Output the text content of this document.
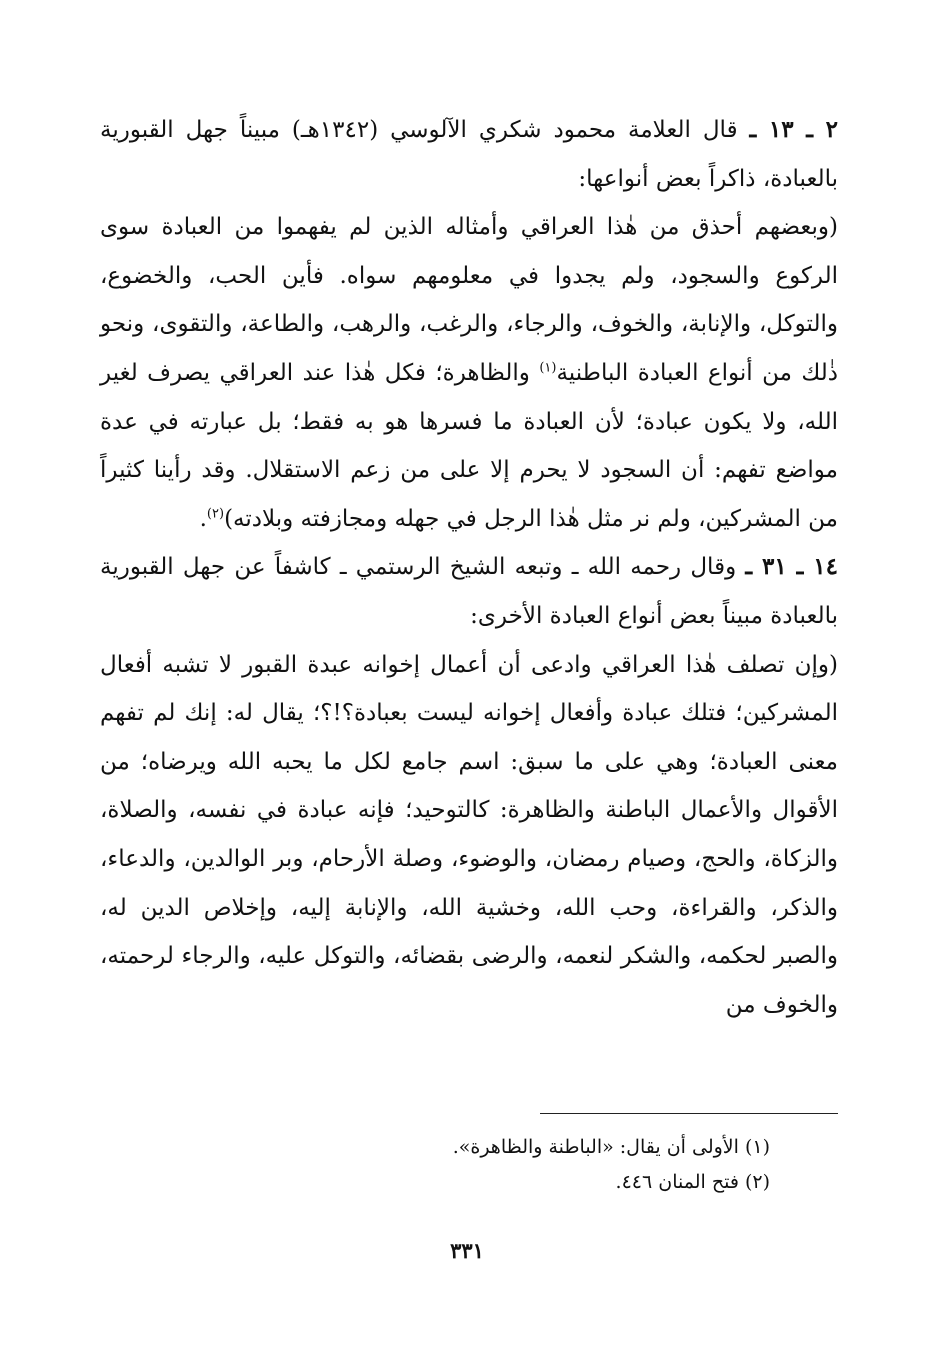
٢ ـ ١٣ ـ قال العلامة محمود شكري الآلوسي (١٣٤٢هـ) مبيناً جهل القبورية بالعبادة، ذاكراً بعض أنواعها:

(وبعضهم أحذق من هٰذا العراقي وأمثاله الذين لم يفهموا من العبادة سوى الركوع والسجود، ولم يجدوا في معلومهم سواه. فأين الحب، والخضوع، والتوكل، والإنابة، والخوف، والرجاء، والرغب، والرهب، والطاعة، والتقوى، ونحو ذٰلك من أنواع العبادة الباطنية$^{(١)}$ والظاهرة؛ فكل هٰذا عند العراقي يصرف لغير الله، ولا يكون عبادة؛ لأن العبادة ما فسرها هو به فقط؛ بل عبارته في عدة مواضع تفهم: أن السجود لا يحرم إلا على من زعم الاستقلال. وقد رأينا كثيراً من المشركين، ولم نر مثل هٰذا الرجل في جهله ومجازفته وبلادته)$^{(٢)}$.

١٤ ـ ٣١ ـ وقال رحمه الله ـ وتبعه الشيخ الرستمي ـ كاشفاً عن جهل القبورية بالعبادة مبيناً بعض أنواع العبادة الأخرى:

(وإن تصلف هٰذا العراقي وادعى أن أعمال إخوانه عبدة القبور لا تشبه أفعال المشركين؛ فتلك عبادة وأفعال إخوانه ليست بعبادة؟!؟؛ يقال له: إنك لم تفهم معنى العبادة؛ وهي على ما سبق: اسم جامع لكل ما يحبه الله ويرضاه؛ من الأقوال والأعمال الباطنة والظاهرة: كالتوحيد؛ فإنه عبادة في نفسه، والصلاة، والزكاة، والحج، وصيام رمضان، والوضوء، وصلة الأرحام، وبر الوالدين، والدعاء، والذكر، والقراءة، وحب الله، وخشية الله، والإنابة إليه، وإخلاص الدين له، والصبر لحكمه، والشكر لنعمه، والرضى بقضائه، والتوكل عليه، والرجاء لرحمته، والخوف من

(١) الأولى أن يقال: «الباطنة والظاهرة».

(٢) فتح المنان ٤٤٦.

٣٣١
